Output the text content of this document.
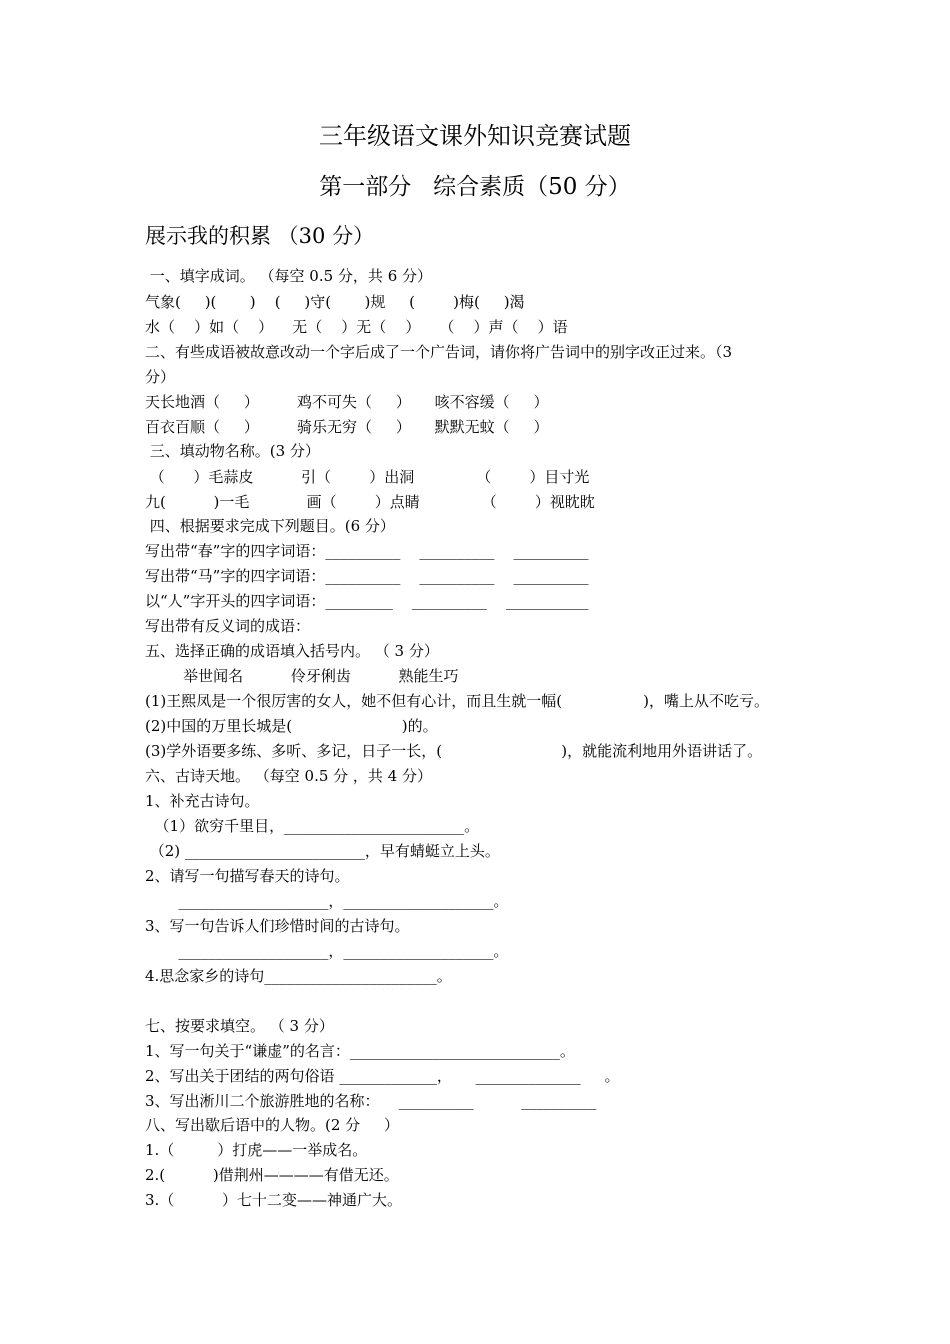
三年级语文课外知识竞赛试题
第一部分   综合素质（50 分）
展示我的积累 （30 分）
一、填字成词。 （每空 0.5 分，共 6 分）
气象(     )(       )    (     )守(       )规     (        )梅(     )渴
水（    ）如（    ）    无（    ）无（    ）    （    ）声（    ）语
二、有些成语被故意改动一个字后成了一个广告词，请你将广告词中的别字改正过来。（3
分）
天长地酒（     ）        鸡不可失（     ）     咳不容缓（     ）
百衣百顺（     ）        骑乐无穷（     ）     默默无蚊（     ）
三、填动物名称。(3 分）
（      ）毛蒜皮          引（        ）出洞             （        ）目寸光
九(          )一毛            画（        ）点睛             （        ）视眈眈
四、根据要求完成下列题目。(6 分）
写出带“春”字的四字词语：__________    __________    __________
写出带“马”字的四字词语：__________    __________    __________
以“人”字开头的四字词语：_________    __________    ___________
写出带有反义词的成语：
五、选择正确的成语填入括号内。 （ 3 分）
举世闻名          伶牙俐齿          熟能生巧
(1)王熙凤是一个很厉害的女人，她不但有心计，而且生就一幅(                 )，嘴上从不吃亏。
(2)中国的万里长城是(                       )的。
(3)学外语要多练、多听、多记，日子一长，(                         )，就能流利地用外语讲话了。
六、古诗天地。 （每空 0.5 分 ，共 4 分）
1、补充古诗句。
（1）欲穷千里目，________________________。
（2) ________________________，早有蜻蜓立上头。
2、请写一句描写春天的诗句。
____________________，____________________。
3、写一句告诉人们珍惜时间的古诗句。
____________________，____________________。
4.思念家乡的诗句_______________________。
七、按要求填空。 （ 3 分）
1、写一句关于“谦虚”的名言：____________________________。
2、写出关于团结的两句俗语 _____________，     ______________     。
3、写出淅川二个旅游胜地的名称：    __________          __________
八、写出歇后语中的人物。(2 分     ）
1.（         ）打虎——一举成名。
2.(          )借荆州————有借无还。
3.（          ）七十二变——神通广大。
